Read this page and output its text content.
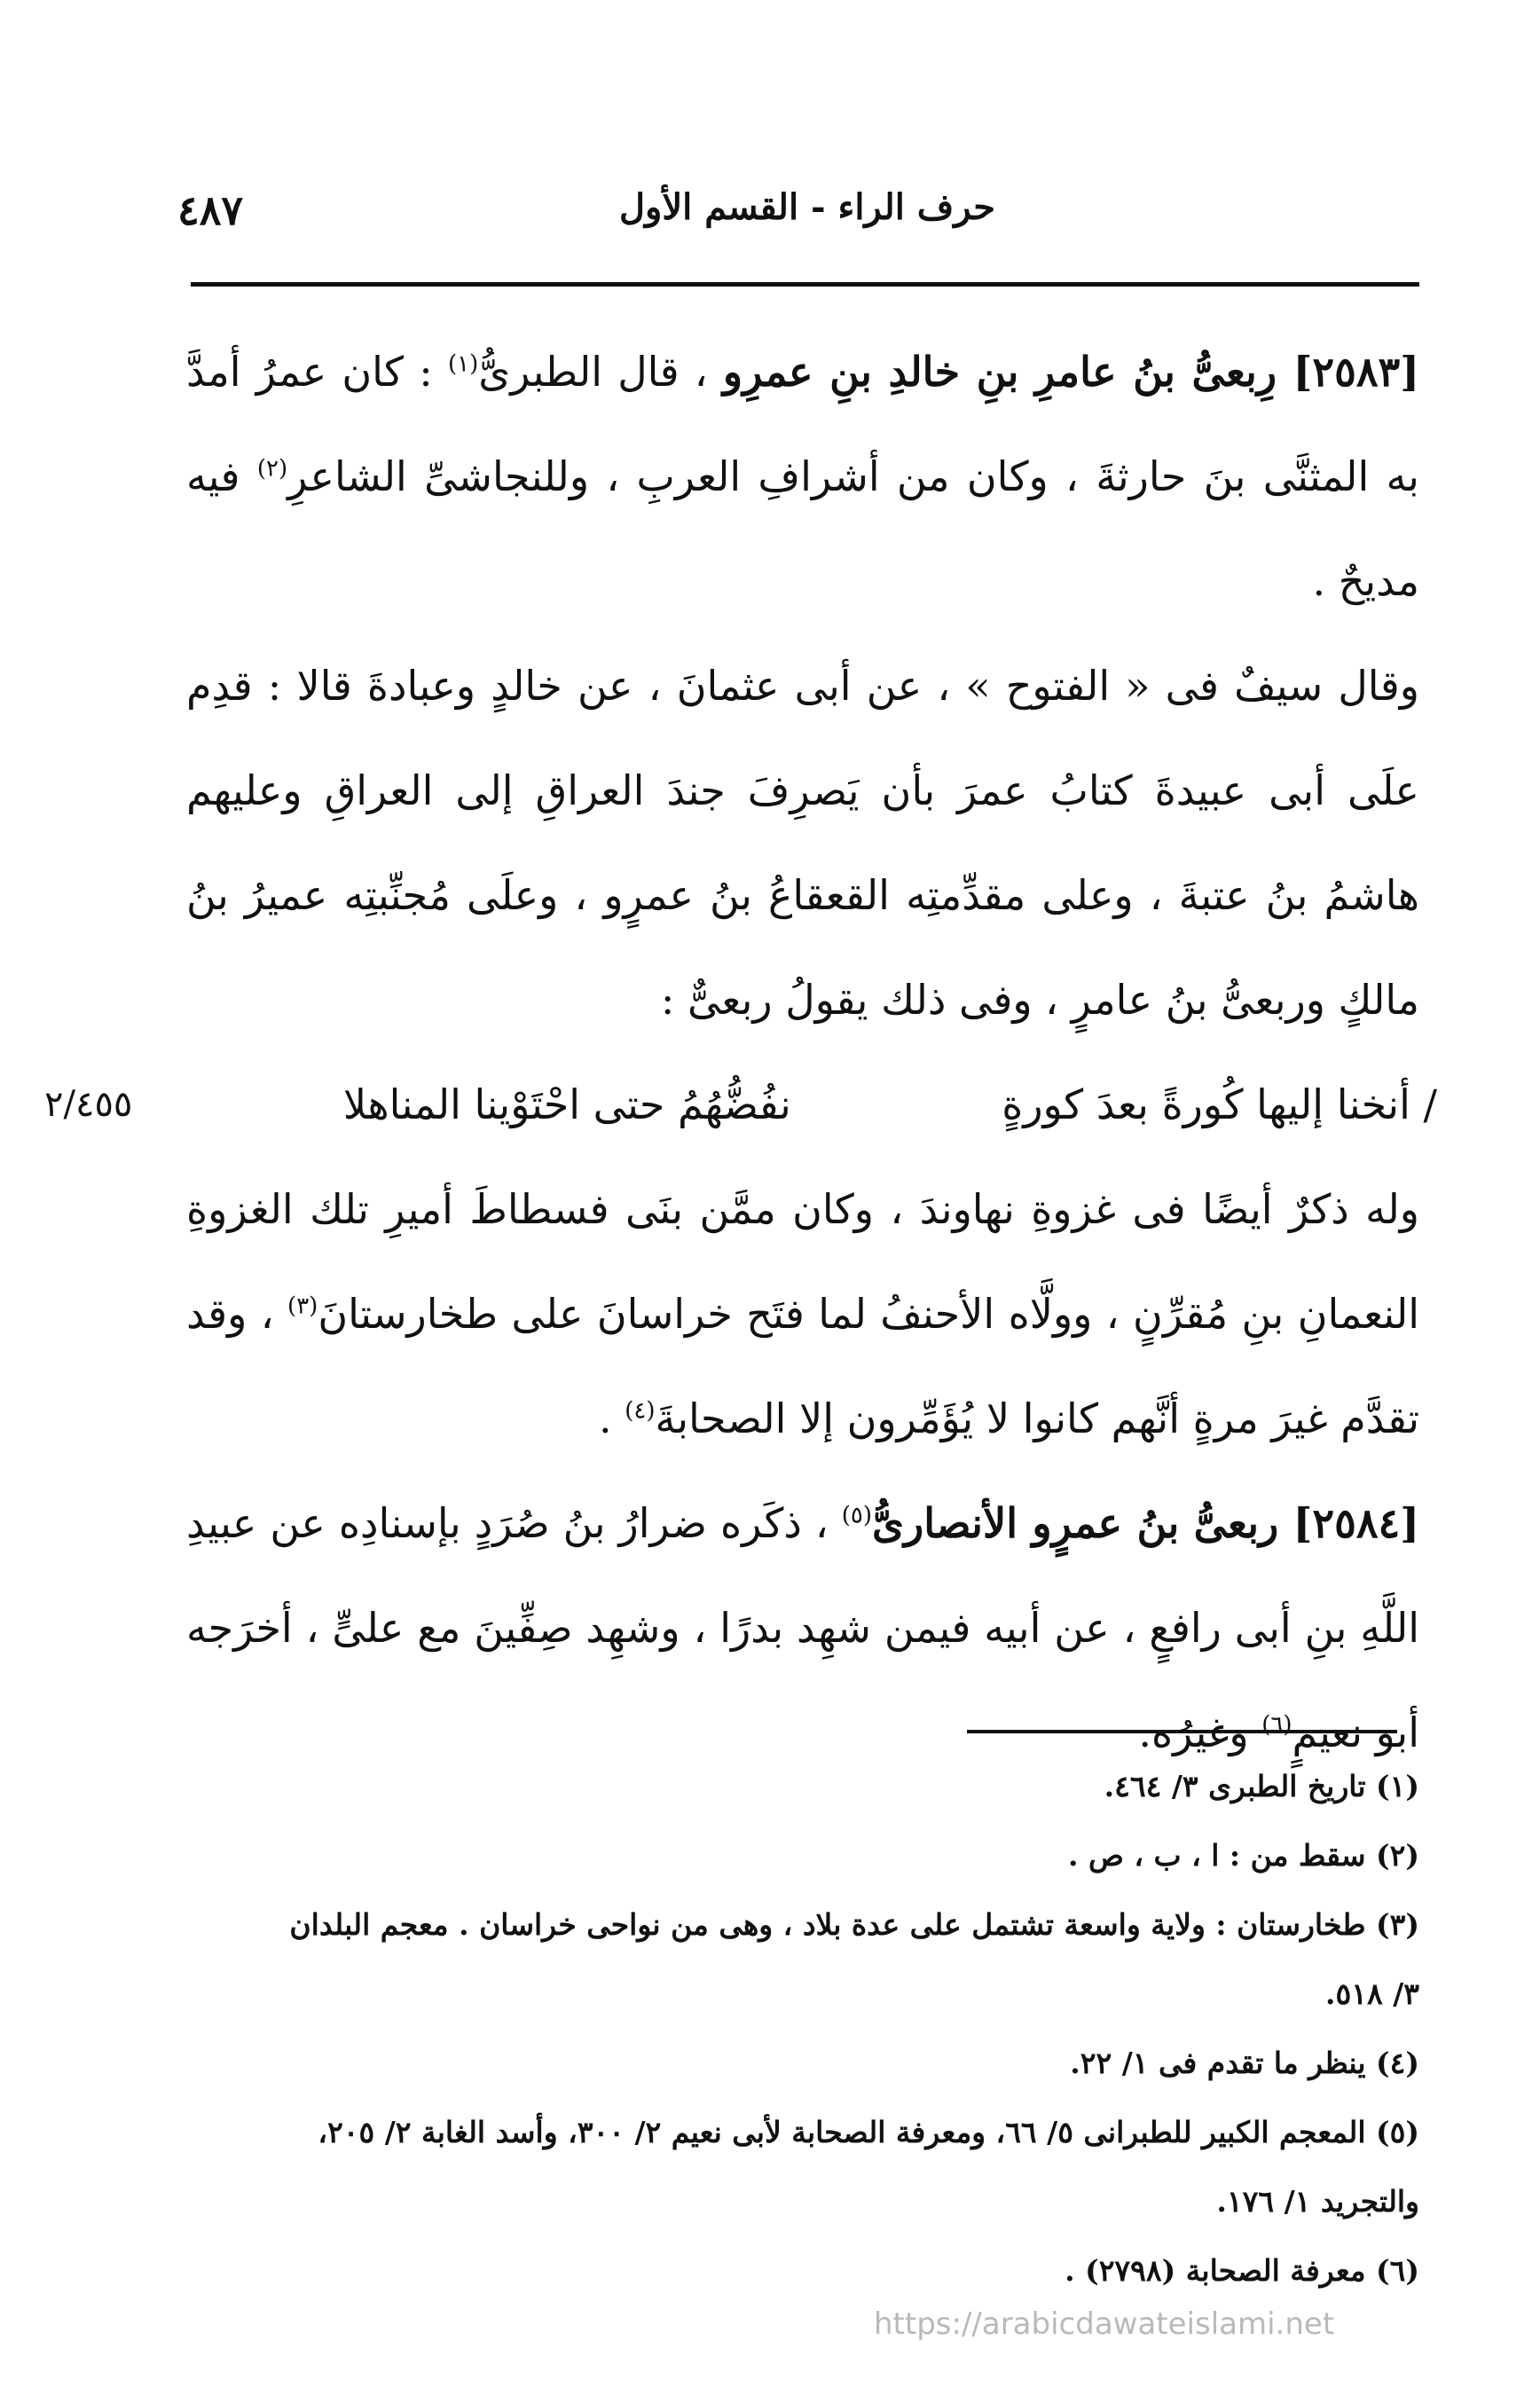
حرف الراء - القسم الأول
٤٨٧

[٢٥٨٣] رِبعىُّ بنُ عامرِ بنِ خالدِ بنِ عمرِو ، قال الطبرىُّ$^{(١)}$ : كان عمرُ أمدَّ به المثنَّى بنَ حارثةَ ، وكان من أشرافِ العربِ ، وللنجاشىِّ الشاعرِ$^{(٢)}$ فيه مديحٌ .

وقال سيفٌ فى « الفتوح » ، عن أبى عثمانَ ، عن خالدٍ وعبادةَ قالا : قدِم علَى أبى عبيدةَ كتابُ عمرَ بأن يَصرِفَ جندَ العراقِ إلى العراقِ وعليهم هاشمُ بنُ عتبةَ ، وعلى مقدِّمتِه القعقاعُ بنُ عمرٍو ، وعلَى مُجنِّبتِه عميرُ بنُ مالكٍ وربعىُّ بنُ عامرٍ ، وفى ذلك يقولُ ربعىٌّ :

/ أنخنا إليها كُورةً بعدَ كورةٍ
نفُضُّهُمُ حتى احْتَوْينا المناهلا
٢/٤٥٥

وله ذكرٌ أيضًا فى غزوةِ نهاوندَ ، وكان ممَّن بنَى فسطاطَ أميرِ تلك الغزوةِ النعمانِ بنِ مُقرِّنٍ ، وولَّاه الأحنفُ لما فتَح خراسانَ على طخارستانَ$^{(٣)}$ ، وقد تقدَّم غيرَ مرةٍ أنَّهم كانوا لا يُؤَمِّرون إلا الصحابةَ$^{(٤)}$ .

[٢٥٨٤] ربعىُّ بنُ عمرٍو الأنصارىُّ$^{(٥)}$ ، ذكَره ضرارُ بنُ صُرَدٍ بإسنادِه عن عبيدِ اللَّهِ بنِ أبى رافعٍ ، عن أبيه فيمن شهِد بدرًا ، وشهِد صِفِّينَ مع علىٍّ ، أخرَجه أبو نعيمٍ$^{(٦)}$ وغيرُه.

(١) تاريخ الطبرى ٣/ ٤٦٤.

(٢) سقط من : ا ، ب ، ص .

(٣) طخارستان : ولاية واسعة تشتمل على عدة بلاد ، وهى من نواحى خراسان . معجم البلدان

٣/ ٥١٨.

(٤) ينظر ما تقدم فى ١/ ٢٢.

(٥) المعجم الكبير للطبرانى ٥/ ٦٦، ومعرفة الصحابة لأبى نعيم ٢/ ٣٠٠، وأسد الغابة ٢/ ٢٠٥،

والتجريد ١/ ١٧٦.

(٦) معرفة الصحابة (٢٧٩٨) .

https://arabicdawateislami.net
